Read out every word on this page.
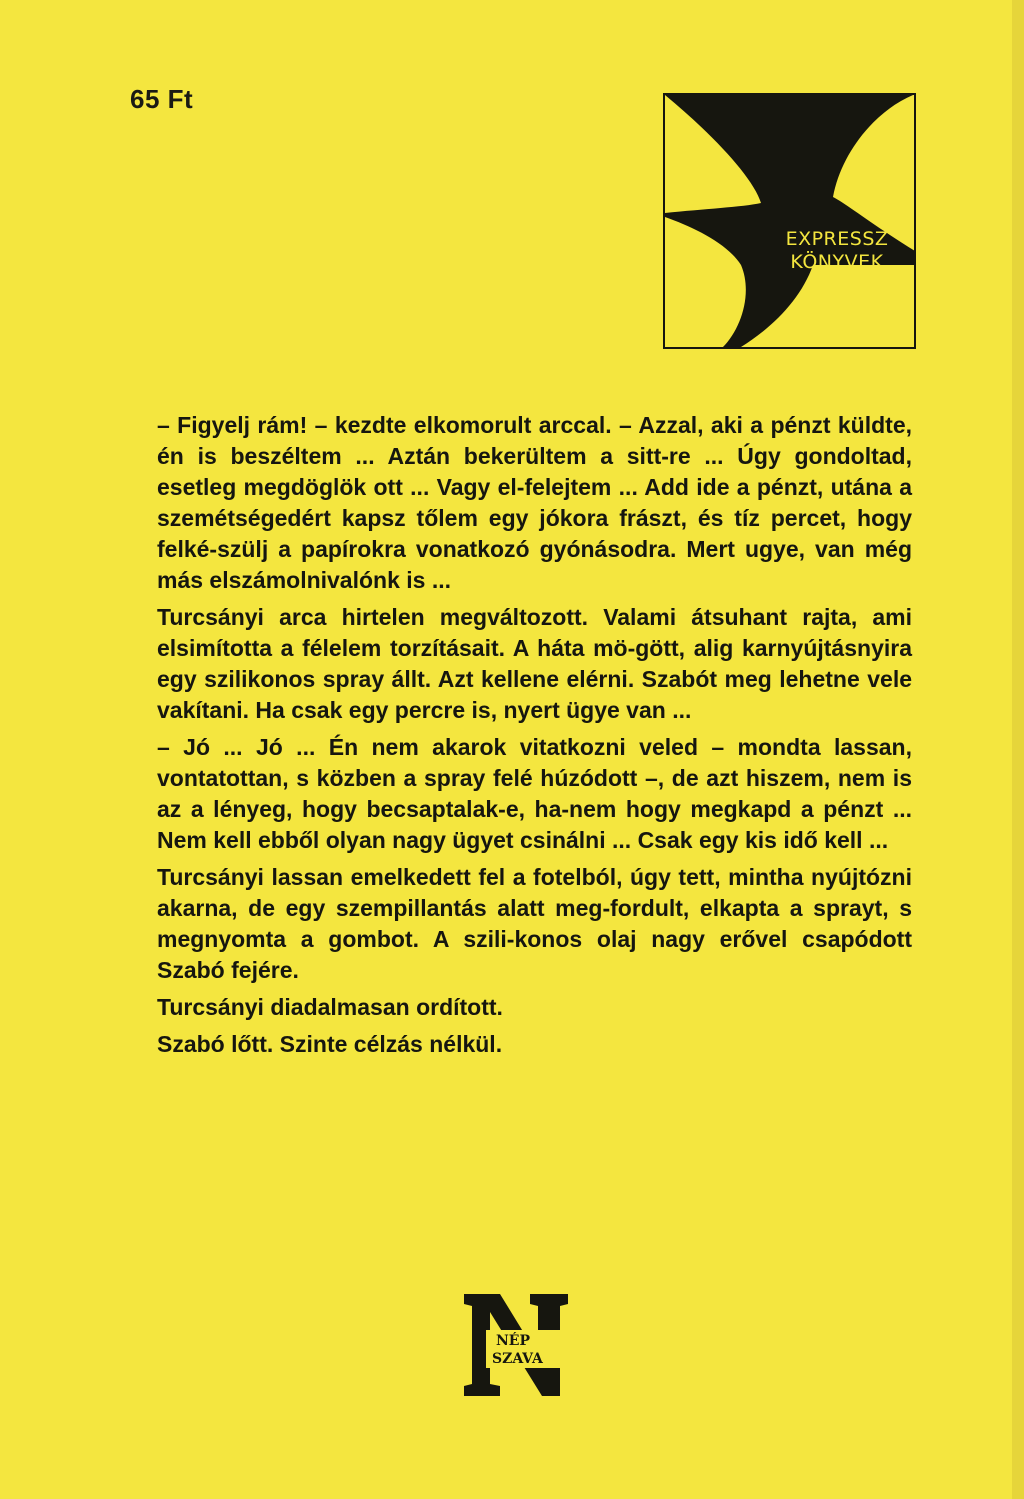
65 Ft
EXPRESSZ
KÖNYVEK

– Figyelj rám! – kezdte elkomorult arccal. – Azzal, aki a pénzt küldte, én is beszéltem ... Aztán bekerültem a sitt-re ... Úgy gondoltad, esetleg megdöglök ott ... Vagy el-felejtem ... Add ide a pénzt, utána a szemétségedért kapsz tőlem egy jókora frászt, és tíz percet, hogy felké-szülj a papírokra vonatkozó gyónásodra. Mert ugye, van még más elszámolnivalónk is ...

Turcsányi arca hirtelen megváltozott. Valami átsuhant rajta, ami elsimította a félelem torzításait. A háta mö-gött, alig karnyújtásnyira egy szilikonos spray állt. Azt kellene elérni. Szabót meg lehetne vele vakítani. Ha csak egy percre is, nyert ügye van ...

– Jó ... Jó ... Én nem akarok vitatkozni veled – mondta lassan, vontatottan, s közben a spray felé húzódott –, de azt hiszem, nem is az a lényeg, hogy becsaptalak-e, ha-nem hogy megkapd a pénzt ... Nem kell ebből olyan nagy ügyet csinálni ... Csak egy kis idő kell ...

Turcsányi lassan emelkedett fel a fotelból, úgy tett, mintha nyújtózni akarna, de egy szempillantás alatt meg-fordult, elkapta a sprayt, s megnyomta a gombot. A szili-konos olaj nagy erővel csapódott Szabó fejére.

Turcsányi diadalmasan ordított.

Szabó lőtt. Szinte célzás nélkül.

NÉP
SZAVA
